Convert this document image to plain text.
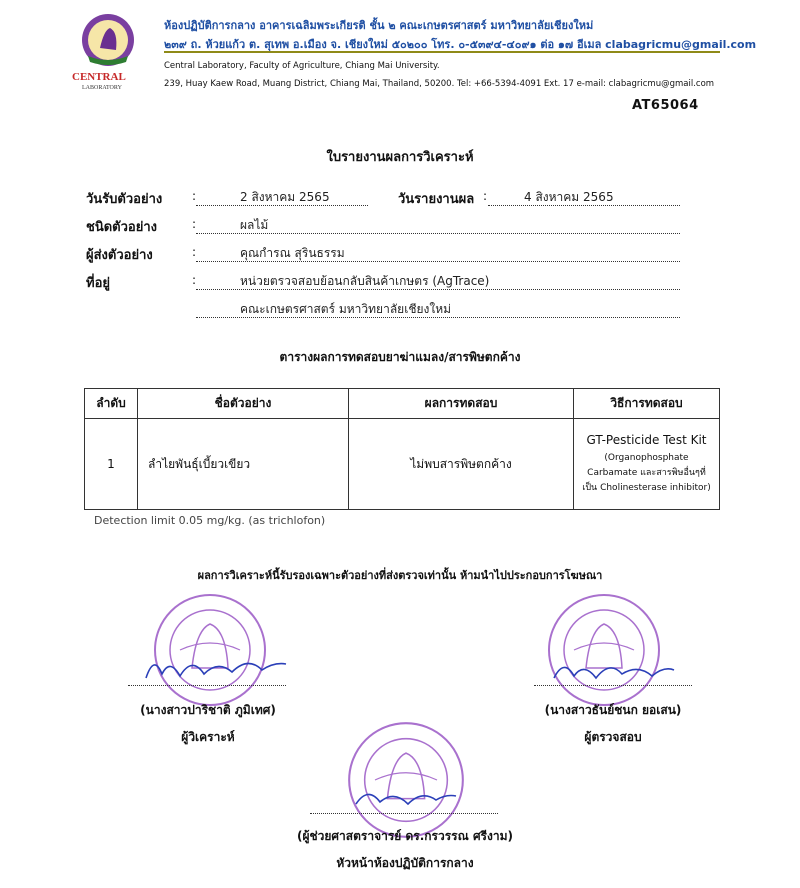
CENTRAL
LABORATORY
ห้องปฏิบัติการกลาง อาคารเฉลิมพระเกียรติ ชั้น ๒ คณะเกษตรศาสตร์ มหาวิทยาลัยเชียงใหม่
๒๓๙ ถ. ห้วยแก้ว ต. สุเทพ อ.เมือง จ. เชียงใหม่ ๕๐๒๐๐ โทร. ๐-๕๓๙๔-๔๐๙๑ ต่อ ๑๗ อีเมล clabagricmu@gmail.com
Central Laboratory, Faculty of Agriculture, Chiang Mai University.
239, Huay Kaew Road, Muang District, Chiang Mai, Thailand, 50200. Tel: +66-5394-4091 Ext. 17 e-mail: clabagricmu@gmail.com
AT65064
ใบรายงานผลการวิเคราะห์
วันรับตัวอย่าง :	2 สิงหาคม 2565	วันรายงานผล :	4 สิงหาคม 2565
ชนิดตัวอย่าง	:	ผลไม้
ผู้ส่งตัวอย่าง	:	คุณกำรณ สุรินธรรม
ที่อยู่	:	หน่วยตรวจสอบย้อนกลับสินค้าเกษตร (AgTrace)
คณะเกษตรศาสตร์ มหาวิทยาลัยเชียงใหม่
ตารางผลการทดสอบยาฆ่าแมลง/สารพิษตกค้าง
ลำดับ	ชื่อตัวอย่าง	ผลการทดสอบ	วิธีการทดสอบ
1	ลำไยพันธุ์เบี้ยวเขียว	ไม่พบสารพิษตกค้าง	GT-Pesticide Test Kit
(Organophosphate
Carbamate และสารพิษอื่นๆที่
เป็น Cholinesterase inhibitor)
Detection limit 0.05 mg/kg. (as trichlofon)
ผลการวิเคราะห์นี้รับรองเฉพาะตัวอย่างที่ส่งตรวจเท่านั้น ห้ามนำไปประกอบการโฆษณา
(นางสาวปาริชาติ ภูมิเทศ)
ผู้วิเคราะห์
(นางสาวธันย์ชนก ยอเสน)
ผู้ตรวจสอบ
(ผู้ช่วยศาสตราจารย์ ดร.กรวรรณ ศรีงาม)
หัวหน้าห้องปฏิบัติการกลาง
